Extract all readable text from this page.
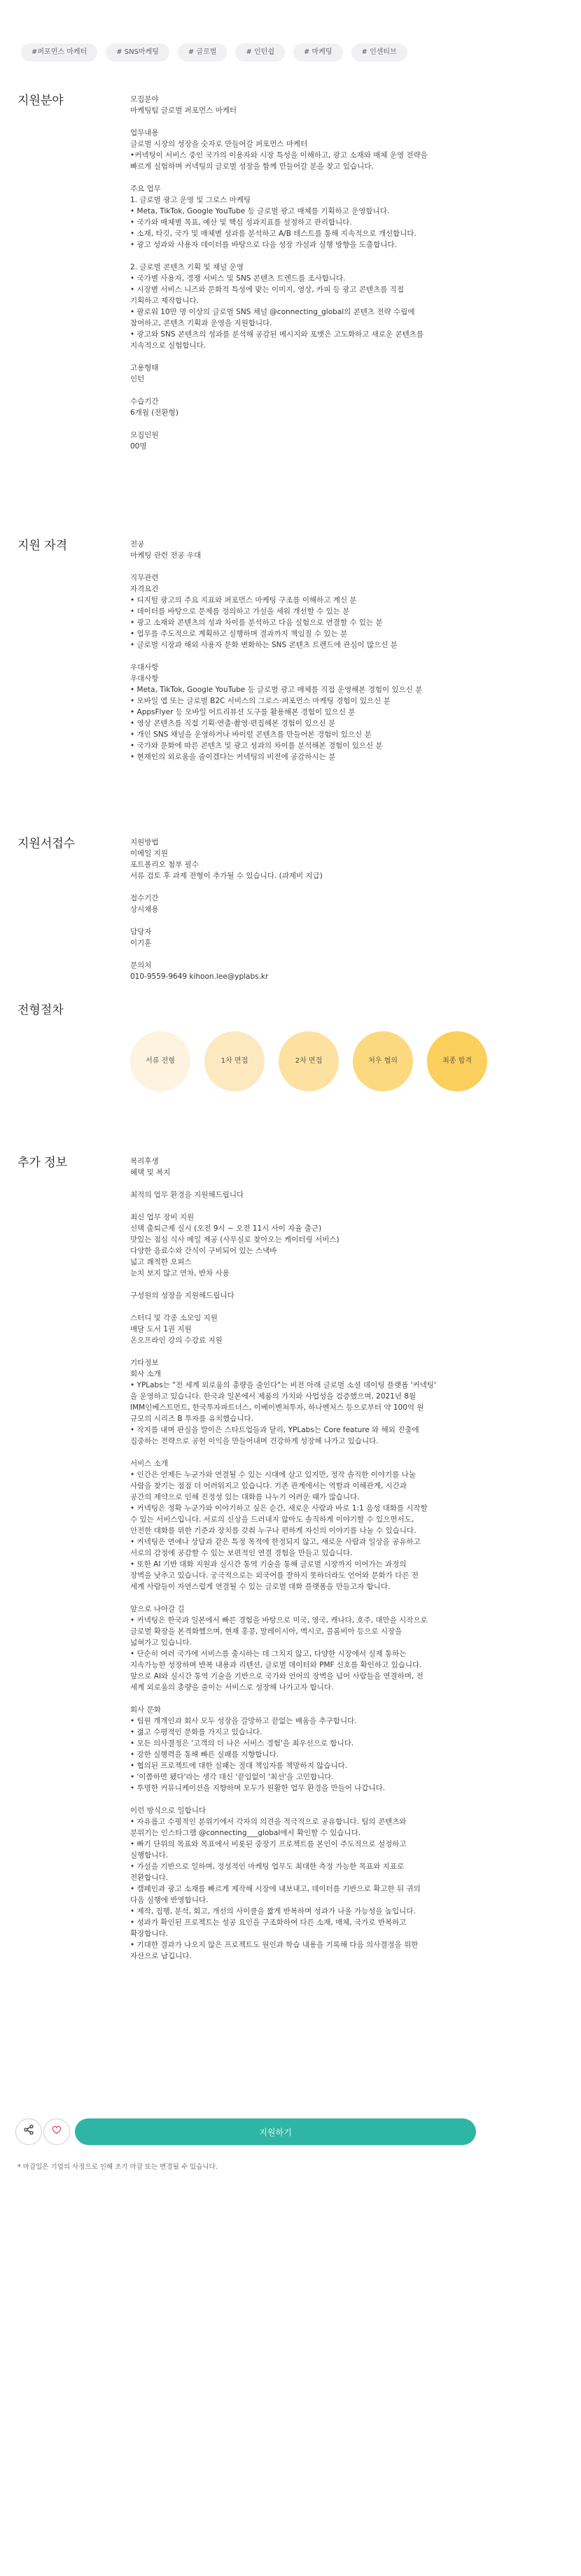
#퍼포먼스 마케터	# SNS마케팅	# 글로벌	# 인턴쉽	# 마케팅	# 인센티브
지원분야	모집분야
마케팅팀 글로벌 퍼포먼스 마케터
업무내용
글로벌 시장의 성장을 숫자로 만들어갈 퍼포먼스 마케터
•커넥팅이 서비스 중인 국가의 이용자와 시장 특성을 이해하고, 광고 소재와 매체 운영 전략을
빠르게 실험하며 커넥팅의 글로벌 성장을 함께 만들어갈 분을 찾고 있습니다.
주요 업무
1. 글로벌 광고 운영 및 그로스 마케팅
• Meta, TikTok, Google YouTube 등 글로벌 광고 매체를 기획하고 운영합니다.
• 국가와 매체별 목표, 예산 및 핵심 성과지표를 설정하고 관리합니다.
• 소재, 타깃, 국가 및 매체별 성과를 분석하고 A/B 테스트를 통해 지속적으로 개선합니다.
• 광고 성과와 사용자 데이터를 바탕으로 다음 성장 가설과 실행 방향을 도출합니다.
2. 글로벌 콘텐츠 기획 및 채널 운영
• 국가별 사용자, 경쟁 서비스 및 SNS 콘텐츠 트렌드를 조사합니다.
• 시장별 서비스 니즈와 문화적 특성에 맞는 이미지, 영상, 카피 등 광고 콘텐츠를 직접
기획하고 제작합니다.
• 팔로워 10만 명 이상의 글로벌 SNS 채널 @connecting_global의 콘텐츠 전략 수립에
참여하고, 콘텐츠 기획과 운영을 지원합니다.
• 광고와 SNS 콘텐츠의 성과를 분석해 공감된 메시지와 포맷은 고도화하고 새로운 콘텐츠를
지속적으로 실험합니다.
고용형태
인턴
수습기간
6개월 (전환형)
모집인원
00명
지원 자격	전공
마케팅 관련 전공 우대
직무관련
자격요건
• 디지털 광고의 주요 지표와 퍼포먼스 마케팅 구조를 이해하고 계신 분
• 데이터를 바탕으로 문제를 정의하고 가설을 세워 개선할 수 있는 분
• 광고 소재와 콘텐츠의 성과 차이를 분석하고 다음 실험으로 연결할 수 있는 분
• 업무를 주도적으로 계획하고 실행하며 결과까지 책임질 수 있는 분
• 글로벌 시장과 해외 사용자 문화 변화하는 SNS 콘텐츠 트렌드에 관심이 많으신 분
우대사항
우대사항
• Meta, TikTok, Google YouTube 등 글로벌 광고 매체를 직접 운영해본 경험이 있으신 분
• 모바일 앱 또는 글로벌 B2C 서비스의 그로스·퍼포먼스 마케팅 경험이 있으신 분
• AppsFlyer 등 모바일 어트리뷰션 도구를 활용해본 경험이 있으신 분
• 영상 콘텐츠를 직접 기획·연출·촬영·편집해본 경험이 있으신 분
• 개인 SNS 채널을 운영하거나 바이럴 콘텐츠를 만들어본 경험이 있으신 분
• 국가와 문화에 따른 콘텐츠 및 광고 성과의 차이를 분석해본 경험이 있으신 분
• 현재인의 외로움을 줄이겠다는 커넥팅의 비전에 공감하시는 분
지원서접수	지원방법
이메일 지원
포트폴리오 첨부 필수
서류 검토 후 과제 전형이 추가될 수 있습니다. (과제비 지급)
접수기간
상시채용
담당자
이기훈
문의처
010-9559-9649 kihoon.lee@yplabs.kr
전형절차
서류 전형	1차 면접	2차 면접	처우 협의	최종 합격
추가 정보	복리후생
혜택 및 복지
최적의 업무 환경을 지원해드립니다
최신 업무 장비 지원
선택 출퇴근제 실시 (오전 9시 ~ 오전 11시 사이 자율 출근)
맛있는 점심 식사 메일 제공 (사무실로 찾아오는 케이터링 서비스)
다양한 음료수와 간식이 구비되어 있는 스낵바
넓고 쾌적한 오피스
눈치 보지 않고 연차, 반차 사용
구성원의 성장을 지원해드립니다
스터디 및 각종 소모임 지원
매달 도서 1권 지원
온오프라인 강의 수강료 지원
기타정보
회사 소개
• YPLabs는 "전 세계 외로움의 총량을 줄인다"는 비전 아래 글로벌 소셜 데이팅 플랫폼 '커넥팅'
을 운영하고 있습니다. 한국과 일본에서 제품의 가치와 사업성을 검증했으며, 2021년 8월
IMM인베스트먼트, 한국투자파트너스, 이베이벤쳐투자, 하나벤처스 등으로부터 약 100억 원
규모의 시리즈 B 투자를 유치했습니다.
• 작지를 내며 판실을 발이은 스타트업들과 달리, YPLabs는 Core feature 와 해외 진출에
집중하는 전략으로 공헌 이익을 만들어내며 건강하게 성장해 나가고 있습니다.
서비스 소개
• 인간은 언제든 누군가와 연결될 수 있는 시대에 살고 있지만, 정작 솔직한 이야기를 나눌
사람을 찾기는 점점 더 어려워지고 있습니다. 기존 관계에서는 역할과 이해관계, 시간과
공간의 제약으로 인해 진정성 있는 대화를 나누기 어려운 때가 많습니다.
• 커넥팅은 정확 누군가와 이야기하고 싶은 순간, 새로운 사람과 바로 1:1 음성 대화를 시작할
수 있는 서비스입니다. 서로의 신상을 드러내지 않아도 솔직하게 이야기할 수 있으면서도,
안전한 대화를 위한 기준과 장치를 갖춰 누구나 편하게 자신의 이야기를 나눌 수 있습니다.
• 커넥팅은 연애나 상담과 같은 특정 목적에 한정되지 않고, 새로운 사람과 일상을 공유하고
서로의 감정에 공감할 수 있는 보편적인 연결 경험을 만들고 있습니다.
• 또한 AI 기반 대화 지원과 실시간 통역 기술을 통해 글로벌 시장까지 이어가는 과정의
장벽을 낮추고 있습니다. 궁극적으로는 외국어를 잘하지 못하더라도 언어와 문화가 다른 전
세계 사람들이 자연스럽게 연결될 수 있는 글로벌 대화 플랫폼을 만들고자 합니다.
앞으로 나아갈 길
• 커넥팅은 한국과 일본에서 빠른 경험을 바탕으로 미국, 영국, 캐나다, 호주, 대만을 시작으로
글로벌 확장을 본격화했으며, 현재 홍콩, 말레이시아, 멕시코, 콜롬비아 등으로 시장을
넓혀가고 있습니다.
• 단순히 여러 국가에 서비스를 출시하는 데 그치지 않고, 다양한 시장에서 실제 통하는
지속가능한 성장하며 반복 내용과 리텐션, 글로벌 데이터와 PMF 신호를 확인하고 있습니다.
앞으로 AI와 실시간 통역 기술을 기반으로 국가와 언어의 장벽을 넘어 사람들을 연결하며, 전
세계 외로움의 총량을 줄이는 서비스로 성장해 나가고자 합니다.
회사 문화
• 팀원 개개인과 회사 모두 성장을 갈망하고 끝없는 배움을 추구합니다.
• 젊고 수평적인 문화를 가지고 있습니다.
• 모든 의사결정은 '고객의 더 나은 서비스 경험'을 최우선으로 합니다.
• 강한 실행력을 통해 빠른 실패를 지향합니다.
• 협의된 프로젝트에 대한 실패는 절대 책임자를 책망하지 않습니다.
• '이쯤하면 됐다'라는 생각 대신 '끝임없이 '최선'을 고민합니다.
• 투명한 커뮤니케이션을 지향하며 모두가 원활한 업무 환경을 만들어 나갑니다.
이런 방식으로 일합니다
• 자유롭고 수평적인 분위기에서 각자의 의견을 적극적으로 공유합니다. 팀의 콘텐츠와
분위기는 인스타그램 @connecting___global에서 확인할 수 있습니다.
• 빠기 단위의 목표와 목표에서 비롯된 중장기 프로젝트를 본인이 주도적으로 설정하고
실행합니다.
• 가설을 기반으로 일하며, 정성적인 마케팅 업무도 최대한 측정 가능한 목표와 지표로
전환합니다.
• 캠페인과 광고 소재를 빠르게 제작해 시장에 내보내고, 데이터를 기반으로 확고한 뒤 귀의
다음 실행에 반영합니다.
• 제작, 집행, 분석, 회고, 개선의 사이클을 짧게 반복하며 성과가 나올 가능성을 높입니다.
• 성과가 확인된 프로젝트는 성공 요인을 구조화하여 다른 소재, 매체, 국가로 반복하고
확장합니다.
• 기대한 결과가 나오지 않은 프로젝트도 원인과 학습 내용을 기록해 다음 의사결정을 위한
자산으로 남깁니다.
지원하기
* 마감일은 기업의 사정으로 인해 조기 마감 또는 변경될 수 있습니다.
